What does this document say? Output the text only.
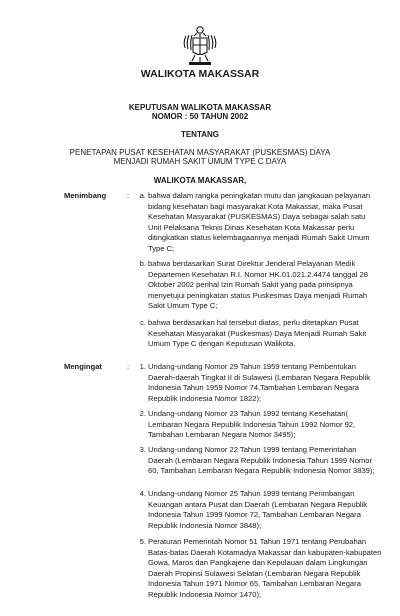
WALIKOTA MAKASSAR
KEPUTUSAN WALIKOTA MAKASSAR
NOMOR : 50 TAHUN 2002
TENTANG
PENETAPAN PUSAT KESEHATAN MASYARAKAT (PUSKESMAS) DAYA
MENJADI RUMAH SAKIT UMUM TYPE C DAYA
WALIKOTA MAKASSAR,
Menimbang	:	a. bahwa dalam rangka peningkatan mutu dan jangkauan pelayanan
bidang kesehatan bagi masyarakat Kota Makassar, maka Pusat
Kesehatan Masyarakat (PUSKESMAS) Daya sebagai salah satu
Unit Pelaksana Teknis Dinas Kesehatan Kota Makassar perlu
ditingkatkan status kelembagaannya menjadi Rumah Sakit Umum
Type C;
b. bahwa berdasarkan Surat Direktur Jenderal Pelayanan Medik
Departemen Kesehatan R.I. Nomor HK.01.021.2.4474 tanggal 28
Oktober 2002 perihal Izin Rumah Sakit yang pada prinsipnya
menyetujui peningkatan status Puskesmas Daya menjadi Rumah
Sakit Umum Type C;
c. bahwa berdasarkan hal tersebut diatas, perlu ditetapkan Pusat
Kesehatan Masyarakat (Puskesmas) Daya Menjadi Rumah Sakit
Umum Type C dengan Keputusan Walikota.
Mengingat	:	1. Undang-undang Nomor 29 Tahun 1959 tentang Pembentukan
Daerah-daerah Tingkat II di Sulawesi (Lembaran Negara Republik
Indonesia Tahun 1959 Nomor 74,Tambahan Lembaran Negara
Republik Indonesia Nomor 1822);
2. Undang-undang Nomor 23 Tahun 1992 tentang Kesehatan(
Lembaran Negara Republik Indonesia Tahun 1992 Nomor 92,
Tambahan Lembaran Negara Nomor 3495);
3. Undang-undang Nomor 22 Tahun 1999 tentang Pemerintahan
Daerah (Lembaran Negara Republik Indonesia Tahun 1999 Nomor
60, Tambahan Lembaran Negara Republik Indonesia Nomor 3839);
4. Undang-undang Nomor 25 Tahun 1999 tentang Perimbangan
Keuangan antara Pusat dan Daerah (Lembaran Negara Republik
Indonesia Tahun 1999 Nomor 72, Tambahan Lembaran Negara
Republik Indonesia Nomor 3848);
5. Peraturan Pemerintah Nomor 51 Tahun 1971 tentang Perubahan
Batas-batas Daerah Kotamadya Makassar dan kabupaten-kabupaten
Gowa, Maros dan Pangkajene dan Kepulauan dalam Lingkungan
Daerah Propinsi Sulawesi Selatan (Lembaran Negara Republik
Indonesia Tahun 1971 Nomor 65, Tambahan Lembaran Negara
Republik Indonesia Nomor 1470);
